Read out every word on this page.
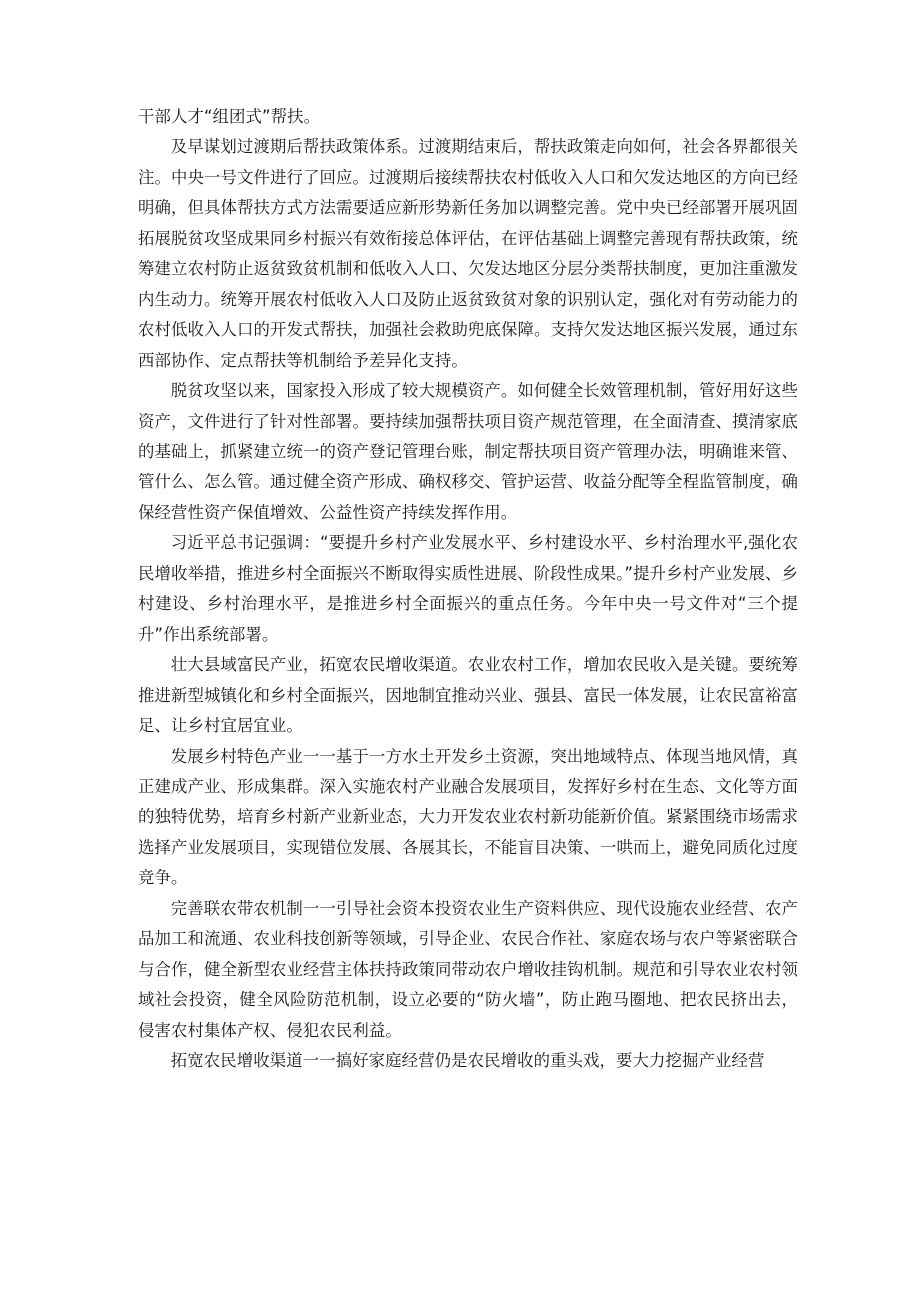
干部人才“组团式”帮扶。

及早谋划过渡期后帮扶政策体系。过渡期结束后，帮扶政策走向如何，社会各界都很关注。中央一号文件进行了回应。过渡期后接续帮扶农村低收入人口和欠发达地区的方向已经明确，但具体帮扶方式方法需要适应新形势新任务加以调整完善。党中央已经部署开展巩固拓展脱贫攻坚成果同乡村振兴有效衔接总体评估，在评估基础上调整完善现有帮扶政策，统筹建立农村防止返贫致贫机制和低收入人口、欠发达地区分层分类帮扶制度，更加注重激发内生动力。统筹开展农村低收入人口及防止返贫致贫对象的识别认定，强化对有劳动能力的农村低收入人口的开发式帮扶，加强社会救助兜底保障。支持欠发达地区振兴发展，通过东西部协作、定点帮扶等机制给予差异化支持。

脱贫攻坚以来，国家投入形成了较大规模资产。如何健全长效管理机制，管好用好这些资产，文件进行了针对性部署。要持续加强帮扶项目资产规范管理，在全面清查、摸清家底的基础上，抓紧建立统一的资产登记管理台账，制定帮扶项目资产管理办法，明确谁来管、管什么、怎么管。通过健全资产形成、确权移交、管护运营、收益分配等全程监管制度，确保经营性资产保值增效、公益性资产持续发挥作用。

习近平总书记强调：“要提升乡村产业发展水平、乡村建设水平、乡村治理水平,强化农民增收举措，推进乡村全面振兴不断取得实质性进展、阶段性成果。”提升乡村产业发展、乡村建设、乡村治理水平，是推进乡村全面振兴的重点任务。今年中央一号文件对“三个提升”作出系统部署。

壮大县域富民产业，拓宽农民增收渠道。农业农村工作，增加农民收入是关键。要统筹推进新型城镇化和乡村全面振兴，因地制宜推动兴业、强县、富民一体发展，让农民富裕富足、让乡村宜居宜业。

发展乡村特色产业一一基于一方水土开发乡土资源，突出地域特点、体现当地风情，真正建成产业、形成集群。深入实施农村产业融合发展项目，发挥好乡村在生态、文化等方面的独特优势，培育乡村新产业新业态，大力开发农业农村新功能新价值。紧紧围绕市场需求选择产业发展项目，实现错位发展、各展其长，不能盲目决策、一哄而上，避免同质化过度竞争。

完善联农带农机制一一引导社会资本投资农业生产资料供应、现代设施农业经营、农产品加工和流通、农业科技创新等领域，引导企业、农民合作社、家庭农场与农户等紧密联合与合作，健全新型农业经营主体扶持政策同带动农户增收挂钩机制。规范和引导农业农村领域社会投资，健全风险防范机制，设立必要的“防火墙”，防止跑马圈地、把农民挤出去，侵害农村集体产权、侵犯农民利益。

拓宽农民增收渠道一一搞好家庭经营仍是农民增收的重头戏，要大力挖掘产业经营
